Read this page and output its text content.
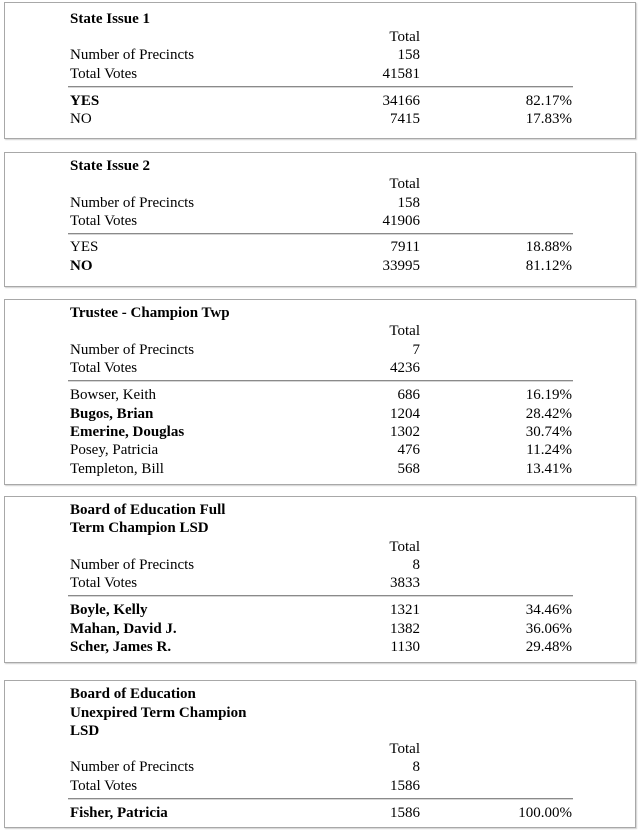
State Issue 1
Total
Number of Precincts	158
Total Votes	41581
YES	34166	82.17%
NO	7415	17.83%
State Issue 2
Total
Number of Precincts	158
Total Votes	41906
YES	7911	18.88%
NO	33995	81.12%
Trustee - Champion Twp
Total
Number of Precincts	7
Total Votes	4236
Bowser, Keith	686	16.19%
Bugos, Brian	1204	28.42%
Emerine, Douglas	1302	30.74%
Posey, Patricia	476	11.24%
Templeton, Bill	568	13.41%
Board of Education Full
Term Champion LSD
Total
Number of Precincts	8
Total Votes	3833
Boyle, Kelly	1321	34.46%
Mahan, David J.	1382	36.06%
Scher, James R.	1130	29.48%
Board of Education
Unexpired Term Champion
LSD
Total
Number of Precincts	8
Total Votes	1586
Fisher, Patricia	1586	100.00%
